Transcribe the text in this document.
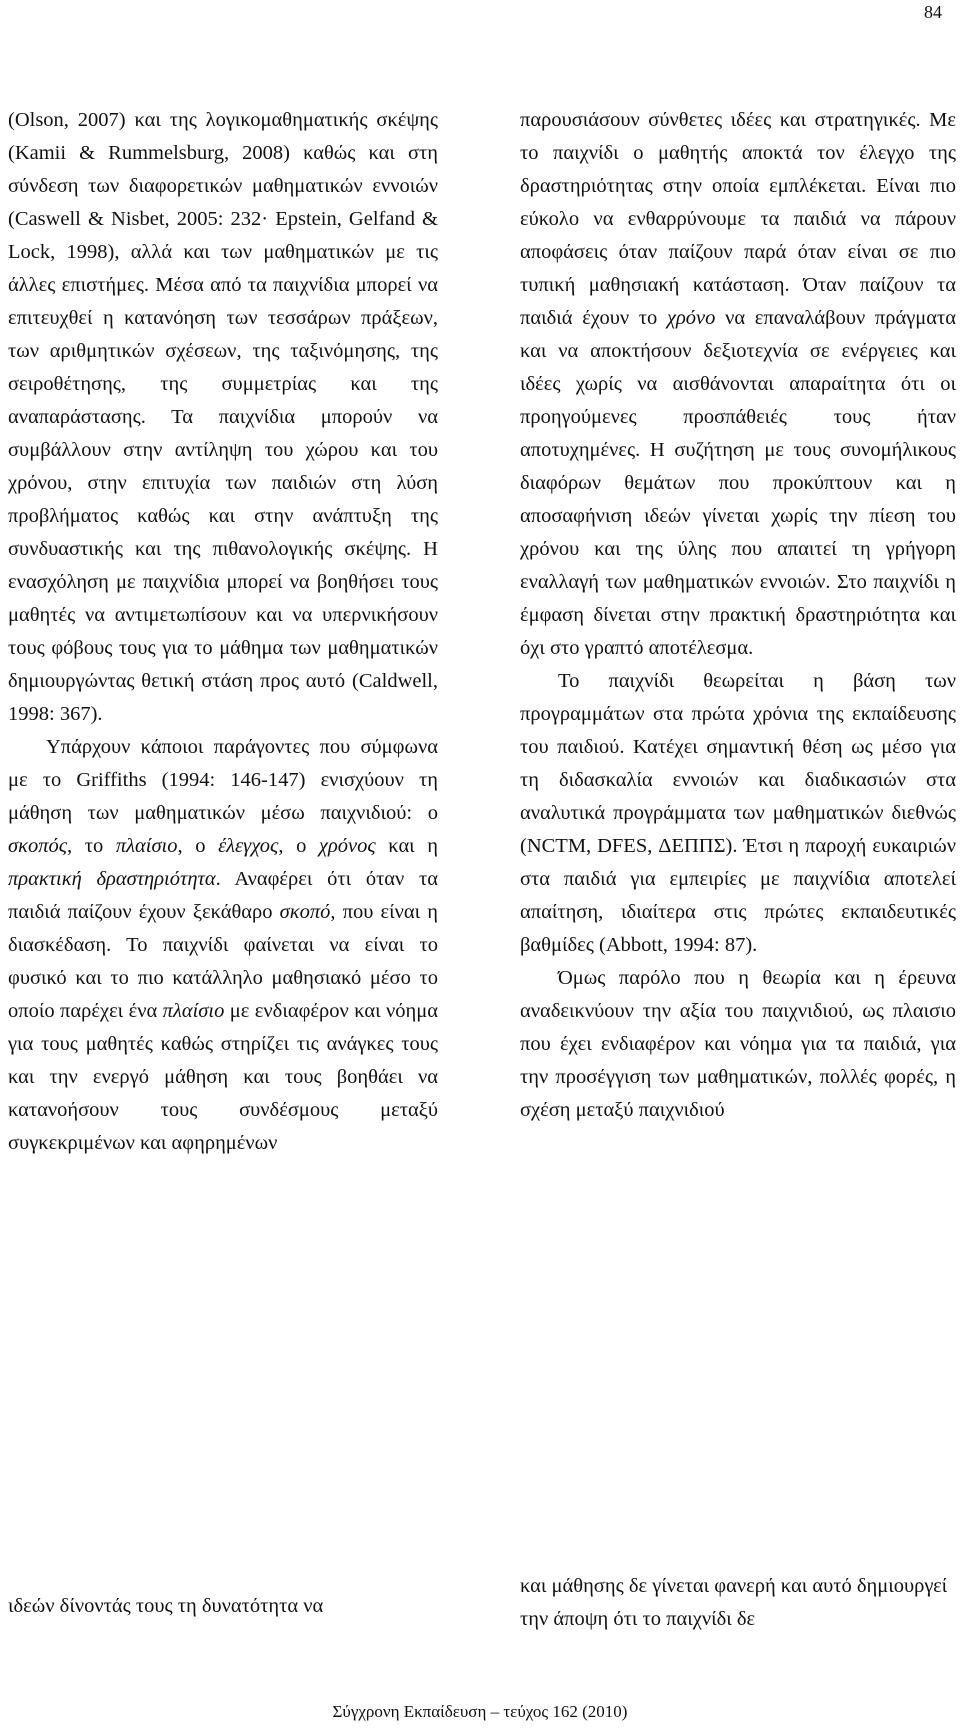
84

(Olson, 2007) και της λογικομαθηματικής σκέψης (Kamii & Rummelsburg, 2008) καθώς και στη σύνδεση των διαφορετικών μαθηματικών εννοιών (Caswell & Nisbet, 2005: 232· Epstein, Gelfand & Lock, 1998), αλλά και των μαθηματικών με τις άλλες επιστήμες. Μέσα από τα παιχνίδια μπορεί να επιτευχθεί η κατανόηση των τεσσάρων πράξεων, των αριθμητικών σχέσεων, της ταξινόμησης, της σειροθέτησης, της συμμετρίας και της αναπαράστασης. Τα παιχνίδια μπορούν να συμβάλλουν στην αντίληψη του χώρου και του χρόνου, στην επιτυχία των παιδιών στη λύση προβλήματος καθώς και στην ανάπτυξη της συνδυαστικής και της πιθανολογικής σκέψης. Η ενασχόληση με παιχνίδια μπορεί να βοηθήσει τους μαθητές να αντιμετωπίσουν και να υπερνικήσουν τους φόβους τους για το μάθημα των μαθηματικών δημιουργώντας θετική στάση προς αυτό (Caldwell, 1998: 367).

Υπάρχουν κάποιοι παράγοντες που σύμφωνα με το Griffiths (1994: 146-147) ενισχύουν τη μάθηση των μαθηματικών μέσω παιχνιδιού: ο σκοπός, το πλαίσιο, ο έλεγχος, ο χρόνος και η πρακτική δραστηριότητα. Αναφέρει ότι όταν τα παιδιά παίζουν έχουν ξεκάθαρο σκοπό, που είναι η διασκέδαση. Το παιχνίδι φαίνεται να είναι το φυσικό και το πιο κατάλληλο μαθησιακό μέσο το οποίο παρέχει ένα πλαίσιο με ενδιαφέρον και νόημα για τους μαθητές καθώς στηρίζει τις ανάγκες τους και την ενεργό μάθηση και τους βοηθάει να κατανοήσουν τους συνδέσμους μεταξύ συγκεκριμένων και αφηρημένων

παρουσιάσουν σύνθετες ιδέες και στρατηγικές. Με το παιχνίδι ο μαθητής αποκτά τον έλεγχο της δραστηριότητας στην οποία εμπλέκεται. Είναι πιο εύκολο να ενθαρρύνουμε τα παιδιά να πάρουν αποφάσεις όταν παίζουν παρά όταν είναι σε πιο τυπική μαθησιακή κατάσταση. Όταν παίζουν τα παιδιά έχουν το χρόνο να επαναλάβουν πράγματα και να αποκτήσουν δεξιοτεχνία σε ενέργειες και ιδέες χωρίς να αισθάνονται απαραίτητα ότι οι προηγούμενες προσπάθειές τους ήταν αποτυχημένες. Η συζήτηση με τους συνομήλικους διαφόρων θεμάτων που προκύπτουν και η αποσαφήνιση ιδεών γίνεται χωρίς την πίεση του χρόνου και της ύλης που απαιτεί τη γρήγορη εναλλαγή των μαθηματικών εννοιών. Στο παιχνίδι η έμφαση δίνεται στην πρακτική δραστηριότητα και όχι στο γραπτό αποτέλεσμα.

Το παιχνίδι θεωρείται η βάση των προγραμμάτων στα πρώτα χρόνια της εκπαίδευσης του παιδιού. Κατέχει σημαντική θέση ως μέσο για τη διδασκαλία εννοιών και διαδικασιών στα αναλυτικά προγράμματα των μαθηματικών διεθνώς (NCTM, DFES, ΔΕΠΠΣ). Έτσι η παροχή ευκαιριών στα παιδιά για εμπειρίες με παιχνίδια αποτελεί απαίτηση, ιδιαίτερα στις πρώτες εκπαιδευτικές βαθμίδες (Abbott, 1994: 87).

Όμως παρόλο που η θεωρία και η έρευνα αναδεικνύουν την αξία του παιχνιδιού, ως πλαισιο που έχει ενδιαφέρον και νόημα για τα παιδιά, για την προσέγγιση των μαθηματικών, πολλές φορές, η σχέση μεταξύ παιχνιδιού

ιδεών δίνοντάς τους τη δυνατότητα να
και μάθησης δε γίνεται φανερή και αυτό δημιουργεί την άποψη ότι το παιχνίδι δε
Σύγχρονη Εκπαίδευση – τεύχος 162 (2010)
